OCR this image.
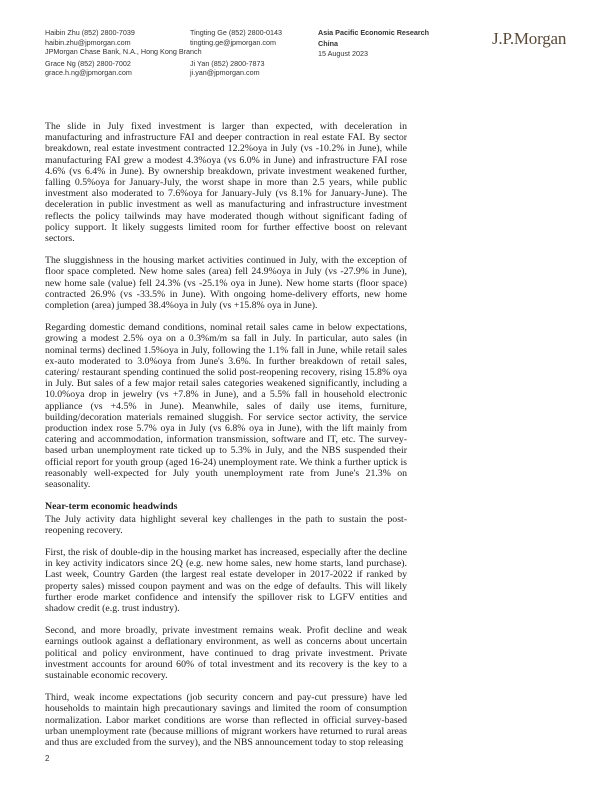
Haibin Zhu (852) 2800-7039
haibin.zhu@jpmorgan.com
JPMorgan Chase Bank, N.A., Hong Kong Branch
Grace Ng (852) 2800-7002
grace.h.ng@jpmorgan.com
Tingting Ge (852) 2800-0143
tingting.ge@jpmorgan.com
Ji Yan (852) 2800-7873
ji.yan@jpmorgan.com
Asia Pacific Economic Research
China
15 August 2023
J.P.Morgan

The slide in July fixed investment is larger than expected, with deceleration in manufacturing and infrastructure FAI and deeper contraction in real estate FAI. By sector breakdown, real estate investment contracted 12.2%oya in July (vs -10.2% in June), while manufacturing FAI grew a modest 4.3%oya (vs 6.0% in June) and infrastructure FAI rose 4.6% (vs 6.4% in June). By ownership breakdown, private investment weakened further, falling 0.5%oya for January-July, the worst shape in more than 2.5 years, while public investment also moderated to 7.6%oya for January-July (vs 8.1% for January-June). The deceleration in public investment as well as manufacturing and infrastructure investment reflects the policy tailwinds may have moderated though without significant fading of policy support. It likely suggests limited room for further effective boost on relevant sectors.

The sluggishness in the housing market activities continued in July, with the exception of floor space completed. New home sales (area) fell 24.9%oya in July (vs -27.9% in June), new home sale (value) fell 24.3% (vs -25.1% oya in June). New home starts (floor space) contracted 26.9% (vs -33.5% in June). With ongoing home-delivery efforts, new home completion (area) jumped 38.4%oya in July (vs +15.8% oya in June).

Regarding domestic demand conditions, nominal retail sales came in below expectations, growing a modest 2.5% oya on a 0.3%m/m sa fall in July. In particular, auto sales (in nominal terms) declined 1.5%oya in July, following the 1.1% fall in June, while retail sales ex-auto moderated to 3.0%oya from June's 3.6%. In further breakdown of retail sales, catering/ restaurant spending continued the solid post-reopening recovery, rising 15.8% oya in July. But sales of a few major retail sales categories weakened significantly, including a 10.0%oya drop in jewelry (vs +7.8% in June), and a 5.5% fall in household electronic appliance (vs +4.5% in June). Meanwhile, sales of daily use items, furniture, building/decoration materials remained sluggish. For service sector activity, the service production index rose 5.7% oya in July (vs 6.8% oya in June), with the lift mainly from catering and accommodation, information transmission, software and IT, etc. The survey-based urban unemployment rate ticked up to 5.3% in July, and the NBS suspended their official report for youth group (aged 16-24) unemployment rate. We think a further uptick is reasonably well-expected for July youth unemployment rate from June's 21.3% on seasonality.

Near-term economic headwinds

The July activity data highlight several key challenges in the path to sustain the post-reopening recovery.

First, the risk of double-dip in the housing market has increased, especially after the decline in key activity indicators since 2Q (e.g. new home sales, new home starts, land purchase). Last week, Country Garden (the largest real estate developer in 2017-2022 if ranked by property sales) missed coupon payment and was on the edge of defaults. This will likely further erode market confidence and intensify the spillover risk to LGFV entities and shadow credit (e.g. trust industry).

Second, and more broadly, private investment remains weak. Profit decline and weak earnings outlook against a deflationary environment, as well as concerns about uncertain political and policy environment, have continued to drag private investment. Private investment accounts for around 60% of total investment and its recovery is the key to a sustainable economic recovery.

Third, weak income expectations (job security concern and pay-cut pressure) have led households to maintain high precautionary savings and limited the room of consumption normalization. Labor market conditions are worse than reflected in official survey-based urban unemployment rate (because millions of migrant workers have returned to rural areas and thus are excluded from the survey), and the NBS announcement today to stop releasing

2
